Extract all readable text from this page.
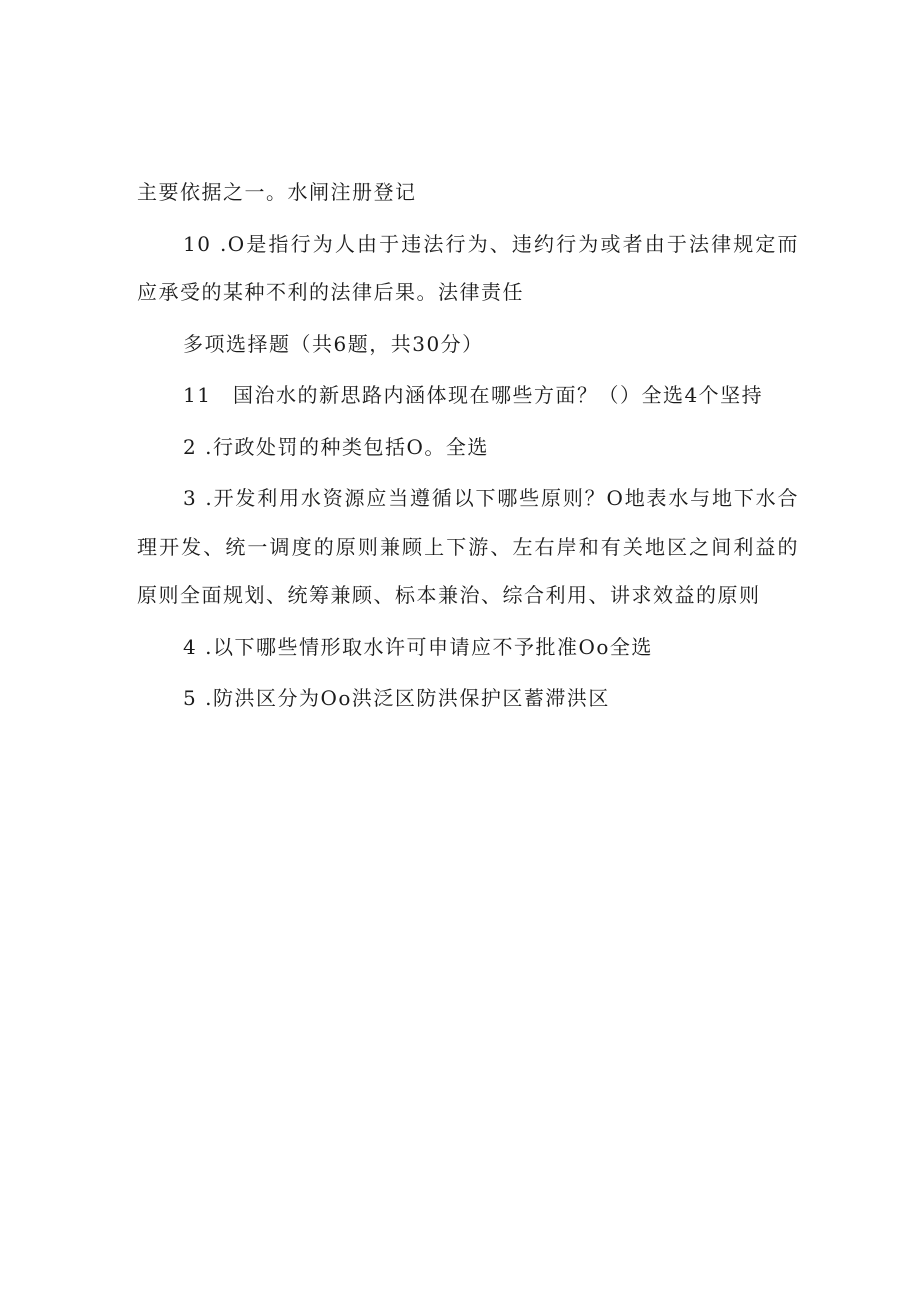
主要依据之一。水闸注册登记

10 .O是指行为人由于违法行为、违约行为或者由于法律规定而应承受的某种不利的法律后果。法律责任

多项选择题（共6题，共30分）

11　国治水的新思路内涵体现在哪些方面？（）全选4个坚持

2 .行政处罚的种类包括O。全选

3 .开发利用水资源应当遵循以下哪些原则？O地表水与地下水合理开发、统一调度的原则兼顾上下游、左右岸和有关地区之间利益的原则全面规划、统筹兼顾、标本兼治、综合利用、讲求效益的原则

4 .以下哪些情形取水许可申请应不予批准Oo全选

5 .防洪区分为Oo洪泛区防洪保护区蓄滞洪区
